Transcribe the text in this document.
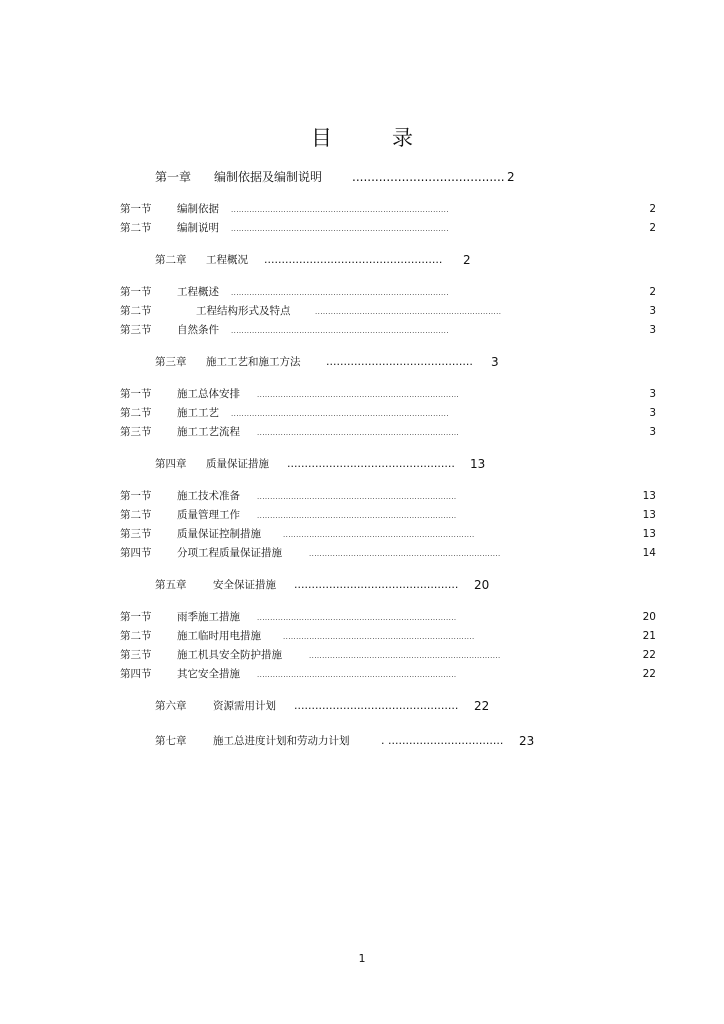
目	录
第一章 编制依据及编制说明 ........................................ 2
第一节 编制依据 ...................................................................................	2
第二节 编制说明 ...................................................................................	2
第二章 工程概况 ................................................... 2
第一节 工程概述 ...................................................................................	2
第二节	工程结构形式及特点	.......................................................................	3
第三节 自然条件 ...................................................................................	3
第三章 施工工艺和施工方法 .......................................... 3
第一节 施工总体安排 .............................................................................	3
第二节 施工工艺 ...................................................................................	3
第三节 施工工艺流程 .............................................................................	3
第四章 质量保证措施 ................................................ 13
第一节 施工技术准备 ............................................................................	13
第二节 质量管理工作 ............................................................................	13
第三节 质量保证控制措施	.........................................................................	13
第四节 分项工程质量保证措施	.........................................................................	14
第五章	安全保证措施 ............................................... 20
第一节 雨季施工措施 ............................................................................	20
第二节 施工临时用电措施	.........................................................................	21
第三节 施工机具安全防护措施	.........................................................................	22
第四节 其它安全措施 ............................................................................	22
第六章	资源需用计划 ............................................... 22
第七章	施工总进度计划和劳动力计划	. ................................. 23
1
